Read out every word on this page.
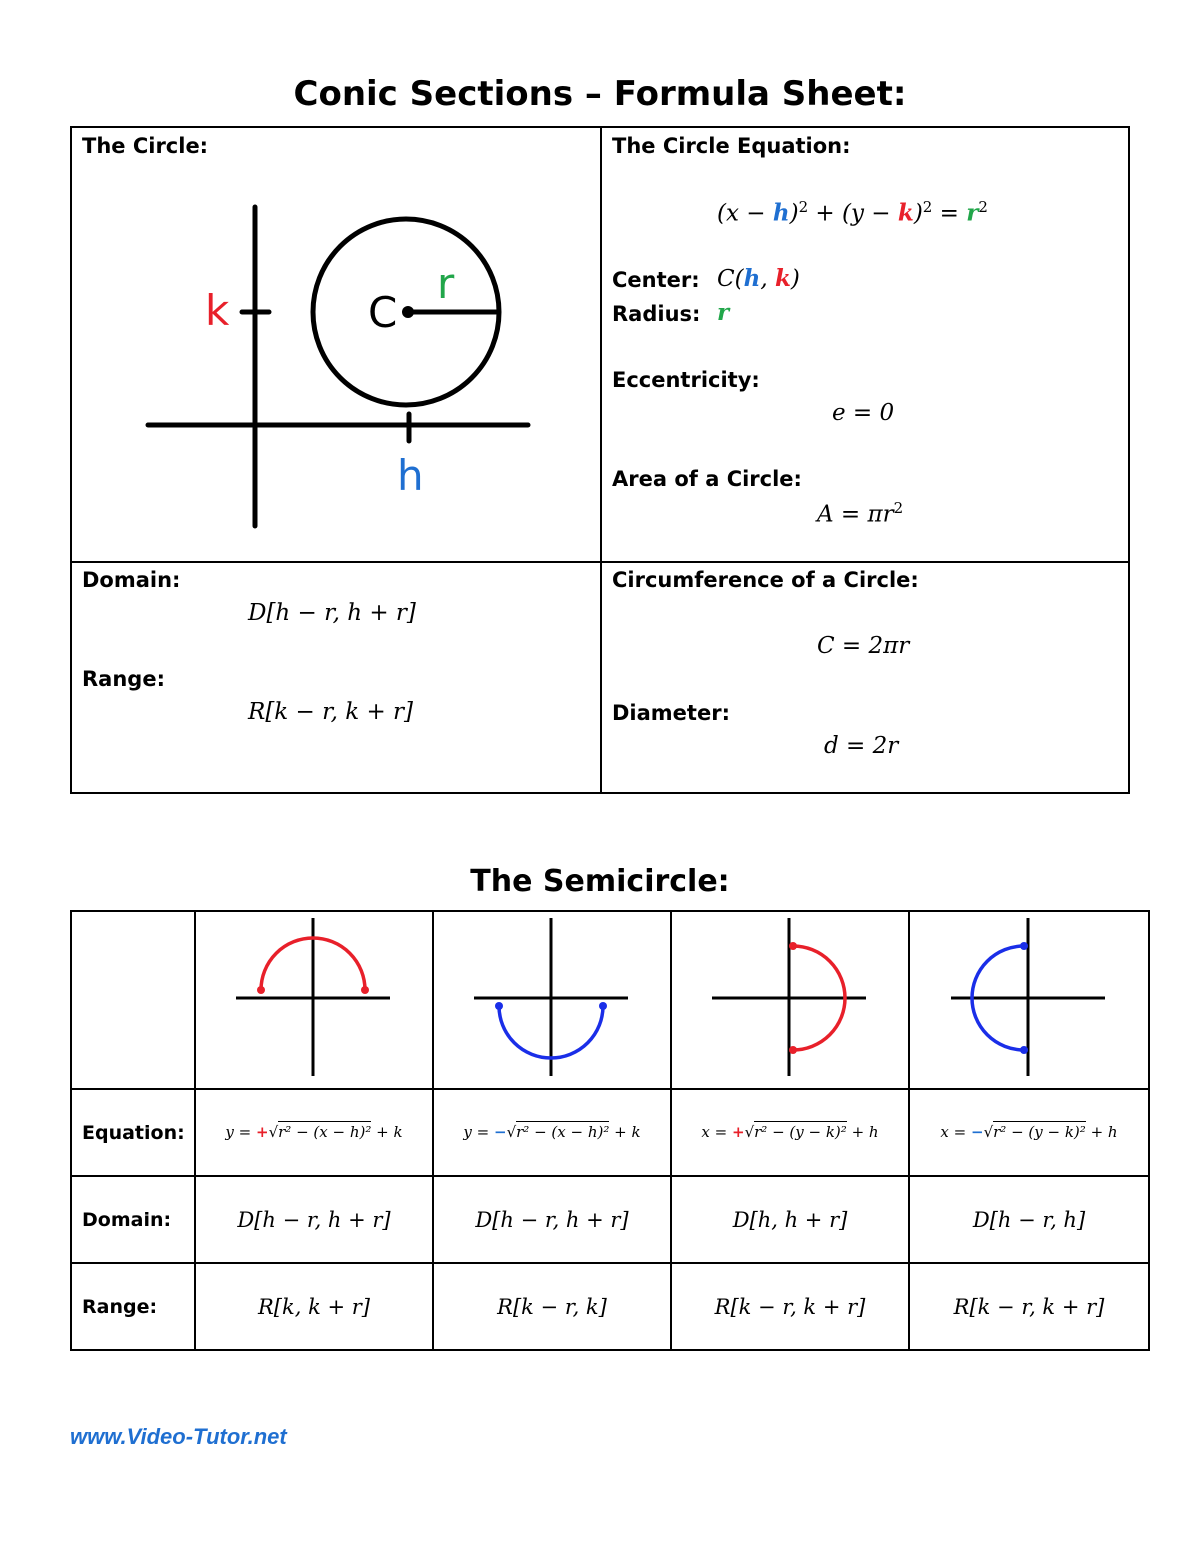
Conic Sections – Formula Sheet:
The Circle:
k
h
C
r
The Circle Equation:
$(x - h)^2 + (y - k)^2 = r^2$
Center: C(h, k)
Radius: r
Eccentricity:
e = 0
Area of a Circle:
$A = \pi r^2$
Domain:
D[h − r, h + r]
Range:
R[k − r, k + r]
Circumference of a Circle:
C = 2πr
Diameter:
d = 2r
The Semicircle:

Equation:	y = +√r² − (x − h)² + k	y = −√r² − (x − h)² + k	x = +√r² − (y − k)² + h	x = −√r² − (y − k)² + h
Domain:	D[h − r, h + r]	D[h − r, h + r]	D[h, h + r]	D[h − r, h]
Range:	R[k, k + r]	R[k − r, k]	R[k − r, k + r]	R[k − r, k + r]
www.Video-Tutor.net
